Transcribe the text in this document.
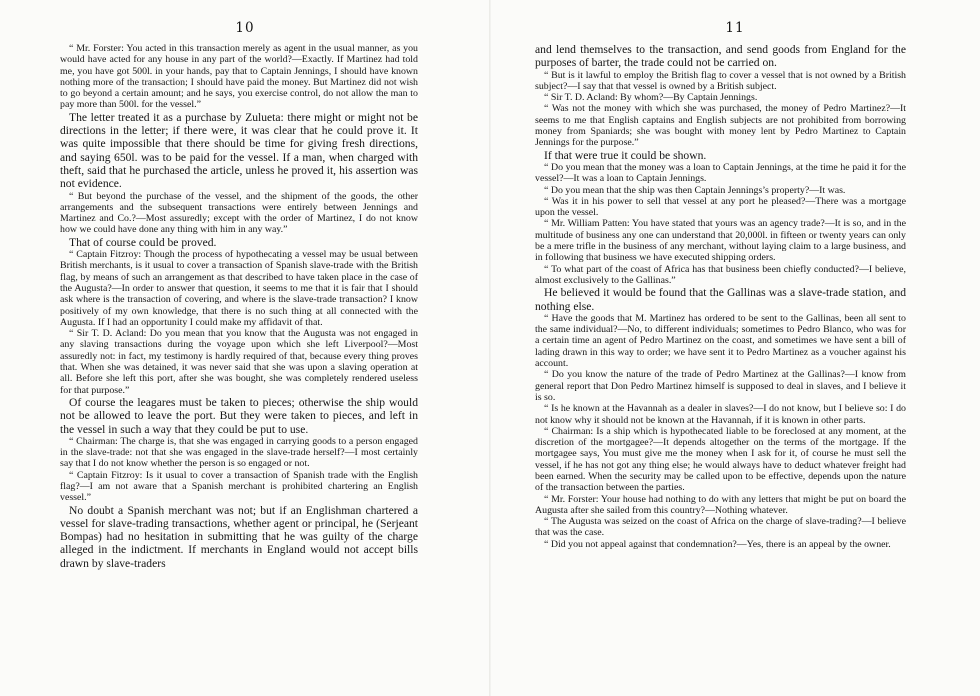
10

“ Mr. Forster: You acted in this transaction merely as agent in the usual manner, as you would have acted for any house in any part of the world?—Exactly. If Martinez had told me, you have got 500l. in your hands, pay that to Captain Jennings, I should have known nothing more of the transaction; I should have paid the money. But Martinez did not wish to go beyond a certain amount; and he says, you exercise control, do not allow the man to pay more than 500l. for the vessel.”

The letter treated it as a purchase by Zulueta: there might or might not be directions in the letter; if there were, it was clear that he could prove it. It was quite impossible that there should be time for giving fresh directions, and saying 650l. was to be paid for the vessel. If a man, when charged with theft, said that he purchased the article, unless he proved it, his assertion was not evidence.

“ But beyond the purchase of the vessel, and the shipment of the goods, the other arrangements and the subsequent transactions were entirely between Jennings and Martinez and Co.?—Most assuredly; except with the order of Martinez, I do not know how we could have done any thing with him in any way.”

That of course could be proved.

“ Captain Fitzroy: Though the process of hypothecating a vessel may be usual between British merchants, is it usual to cover a transaction of Spanish slave-trade with the British flag, by means of such an arrangement as that described to have taken place in the case of the Augusta?—In order to answer that question, it seems to me that it is fair that I should ask where is the transaction of covering, and where is the slave-trade transaction? I know positively of my own knowledge, that there is no such thing at all connected with the Augusta. If I had an opportunity I could make my affidavit of that.

“ Sir T. D. Acland: Do you mean that you know that the Augusta was not engaged in any slaving transactions during the voyage upon which she left Liverpool?—Most assuredly not: in fact, my testimony is hardly required of that, because every thing proves that. When she was detained, it was never said that she was upon a slaving operation at all. Before she left this port, after she was bought, she was completely rendered useless for that purpose.”

Of course the leagares must be taken to pieces; otherwise the ship would not be allowed to leave the port. But they were taken to pieces, and left in the vessel in such a way that they could be put to use.

“ Chairman: The charge is, that she was engaged in carrying goods to a person engaged in the slave-trade: not that she was engaged in the slave-trade herself?—I most certainly say that I do not know whether the person is so engaged or not.

“ Captain Fitzroy: Is it usual to cover a transaction of Spanish trade with the English flag?—I am not aware that a Spanish merchant is prohibited chartering an English vessel.”

No doubt a Spanish merchant was not; but if an Englishman chartered a vessel for slave-trading transactions, whether agent or principal, he (Serjeant Bompas) had no hesitation in submitting that he was guilty of the charge alleged in the indictment. If merchants in England would not accept bills drawn by slave-traders

11

and lend themselves to the transaction, and send goods from England for the purposes of barter, the trade could not be carried on.

“ But is it lawful to employ the British flag to cover a vessel that is not owned by a British subject?—I say that that vessel is owned by a British subject.

“ Sir T. D. Acland: By whom?—By Captain Jennings.

“ Was not the money with which she was purchased, the money of Pedro Martinez?—It seems to me that English captains and English subjects are not prohibited from borrowing money from Spaniards; she was bought with money lent by Pedro Martinez to Captain Jennings for the purpose.”

If that were true it could be shown.

“ Do you mean that the money was a loan to Captain Jennings, at the time he paid it for the vessel?—It was a loan to Captain Jennings.

“ Do you mean that the ship was then Captain Jennings’s property?—It was.

“ Was it in his power to sell that vessel at any port he pleased?—There was a mortgage upon the vessel.

“ Mr. William Patten: You have stated that yours was an agency trade?—It is so, and in the multitude of business any one can understand that 20,000l. in fifteen or twenty years can only be a mere trifle in the business of any merchant, without laying claim to a large business, and in following that business we have executed shipping orders.

“ To what part of the coast of Africa has that business been chiefly conducted?—I believe, almost exclusively to the Gallinas.”

He believed it would be found that the Gallinas was a slave-trade station, and nothing else.

“ Have the goods that M. Martinez has ordered to be sent to the Gallinas, been all sent to the same individual?—No, to different individuals; sometimes to Pedro Blanco, who was for a certain time an agent of Pedro Martinez on the coast, and sometimes we have sent a bill of lading drawn in this way to order; we have sent it to Pedro Martinez as a voucher against his account.

“ Do you know the nature of the trade of Pedro Martinez at the Gallinas?—I know from general report that Don Pedro Martinez himself is supposed to deal in slaves, and I believe it is so.

“ Is he known at the Havannah as a dealer in slaves?—I do not know, but I believe so: I do not know why it should not be known at the Havannah, if it is known in other parts.

“ Chairman: Is a ship which is hypothecated liable to be foreclosed at any moment, at the discretion of the mortgagee?—It depends altogether on the terms of the mortgage. If the mortgagee says, You must give me the money when I ask for it, of course he must sell the vessel, if he has not got any thing else; he would always have to deduct whatever freight had been earned. When the security may be called upon to be effective, depends upon the nature of the transaction between the parties.

“ Mr. Forster: Your house had nothing to do with any letters that might be put on board the Augusta after she sailed from this country?—Nothing whatever.

“ The Augusta was seized on the coast of Africa on the charge of slave-trading?—I believe that was the case.

“ Did you not appeal against that condemnation?—Yes, there is an appeal by the owner.
